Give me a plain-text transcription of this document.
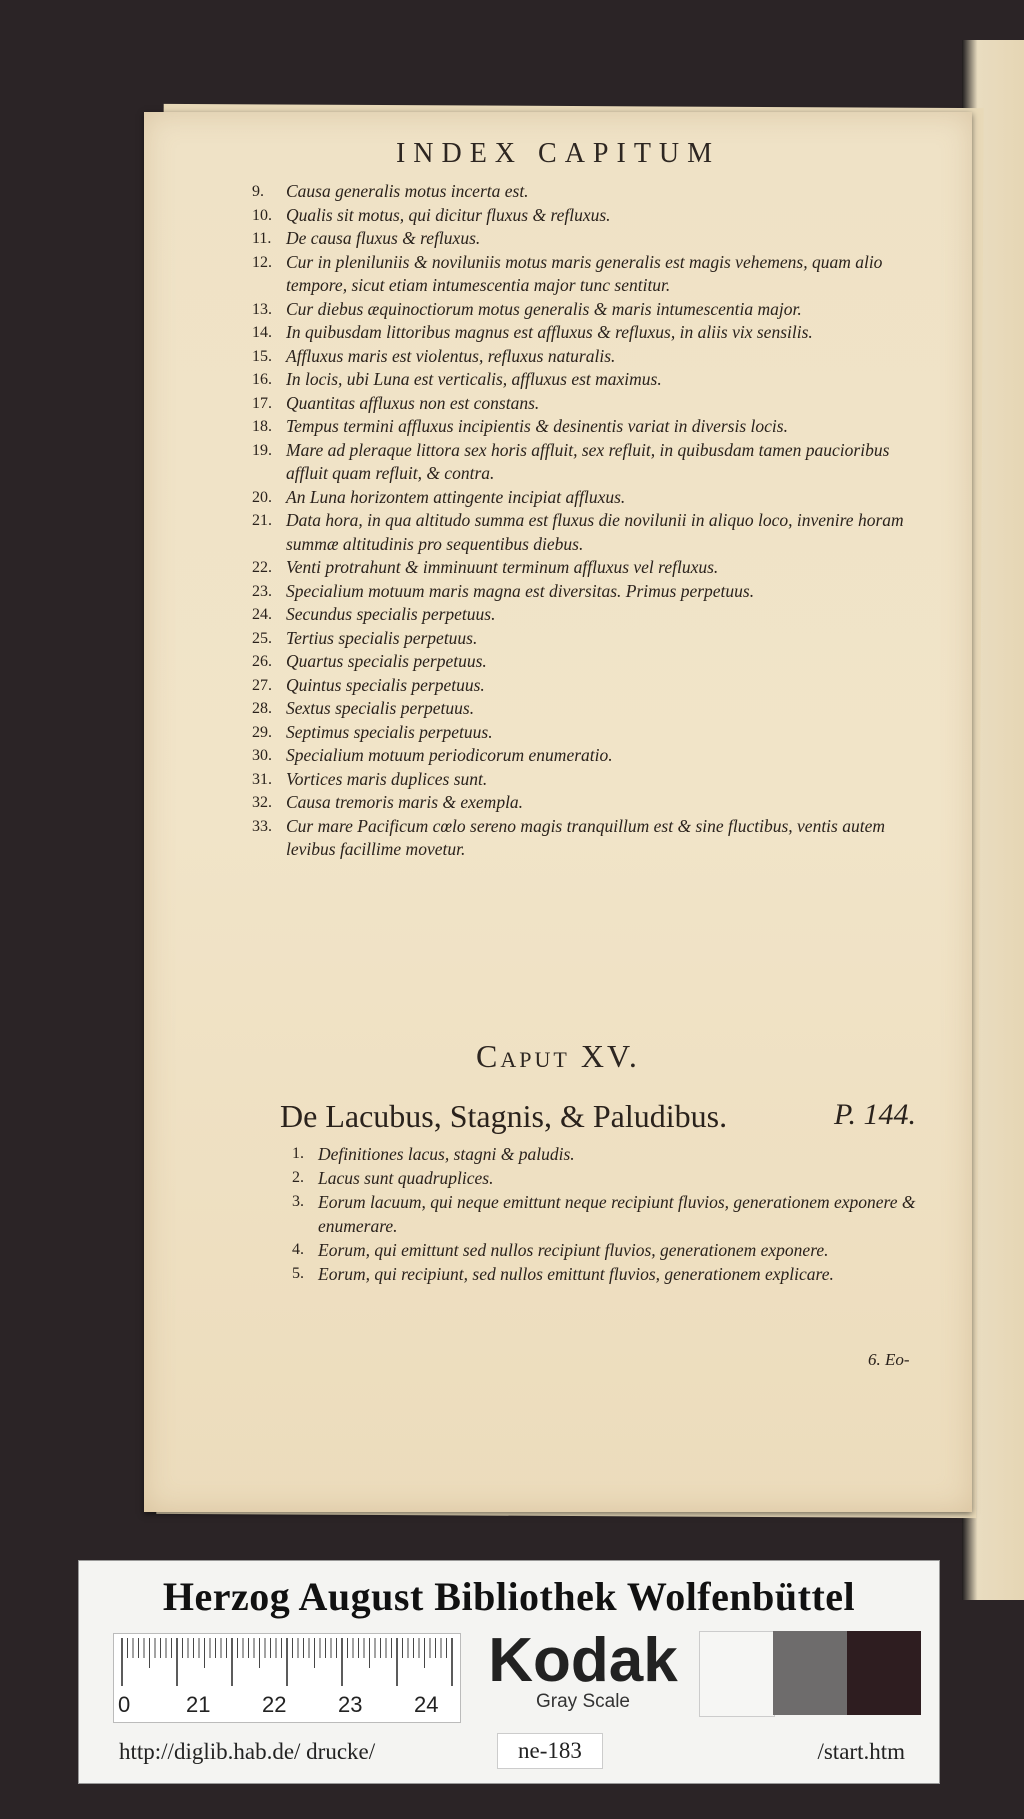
INDEX CAPITUM
9. Causa generalis motus incerta est.
10. Qualis sit motus, qui dicitur fluxus & refluxus.
11. De causa fluxus & refluxus.
12. Cur in pleniluniis & noviluniis motus maris generalis est magis vehemens, quam alio tempore, sicut etiam intumescentia major tunc sentitur.
13. Cur diebus æquinoctiorum motus generalis & maris intumescentia major.
14. In quibusdam littoribus magnus est affluxus & refluxus, in aliis vix sensilis.
15. Affluxus maris est violentus, refluxus naturalis.
16. In locis, ubi Luna est verticalis, affluxus est maximus.
17. Quantitas affluxus non est constans.
18. Tempus termini affluxus incipientis & desinentis variat in diversis locis.
19. Mare ad pleraque littora sex horis affluit, sex refluit, in quibusdam tamen paucioribus affluit quam refluit, & contra.
20. An Luna horizontem attingente incipiat affluxus.
21. Data hora, in qua altitudo summa est fluxus die novilunii in aliquo loco, invenire horam summæ altitudinis pro sequentibus diebus.
22. Venti protrahunt & imminuunt terminum affluxus vel refluxus.
23. Specialium motuum maris magna est diversitas. Primus perpetuus.
24. Secundus specialis perpetuus.
25. Tertius specialis perpetuus.
26. Quartus specialis perpetuus.
27. Quintus specialis perpetuus.
28. Sextus specialis perpetuus.
29. Septimus specialis perpetuus.
30. Specialium motuum periodicorum enumeratio.
31. Vortices maris duplices sunt.
32. Causa tremoris maris & exempla.
33. Cur mare Pacificum cœlo sereno magis tranquillum est & sine fluctibus, ventis autem levibus facillime movetur.
Caput XV.
De Lacubus, Stagnis, & Paludibus.	P. 144.
1. Definitiones lacus, stagni & paludis.
2. Lacus sunt quadruplices.
3. Eorum lacuum, qui neque emittunt neque recipiunt fluvios, generationem exponere & enumerare.
4. Eorum, qui emittunt sed nullos recipiunt fluvios, generationem exponere.
5. Eorum, qui recipiunt, sed nullos emittunt fluvios, generationem explicare.
6. Eo-
Herzog August Bibliothek Wolfenbüttel
0	21 22 23 24
Kodak
Gray Scale
http://diglib.hab.de/ drucke/	ne-183	/start.htm
